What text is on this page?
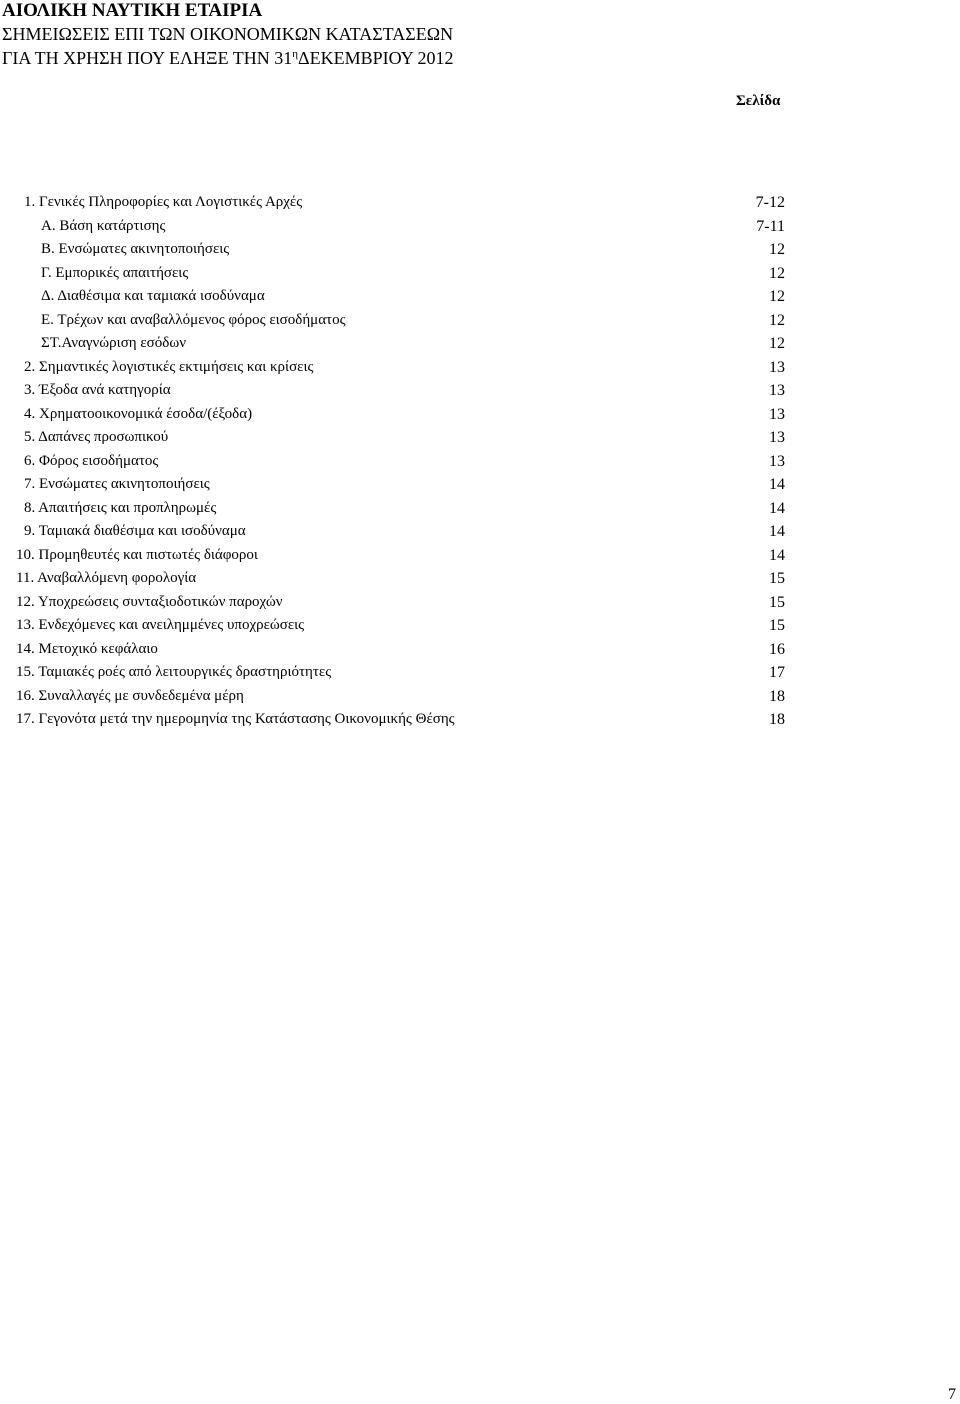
ΑΙΟΛΙΚΗ ΝΑΥΤΙΚΗ ΕΤΑΙΡΙΑ
ΣΗΜΕΙΩΣΕΙΣ ΕΠΙ ΤΩΝ ΟΙΚΟΝΟΜΙΚΩΝ ΚΑΤΑΣΤΑΣΕΩΝ
ΓΙΑ ΤΗ ΧΡΗΣΗ ΠΟΥ ΕΛΗΞΕ ΤΗΝ $31^\eta\Delta EKEMBPIO\Upsilon$ 2012
Σελίδα
1. Γενικές Πληροφορίες και Λογιστικές Αρχές	7-12
Α. Βάση κατάρτισης	7-11
Β. Ενσώματες ακινητοποιήσεις	12
Γ. Εμπορικές απαιτήσεις	12
Δ. Διαθέσιμα και ταμιακά ισοδύναμα	12
Ε. Τρέχων και αναβαλλόμενος φόρος εισοδήματος	12
ΣΤ.Αναγνώριση εσόδων	12
2. Σημαντικές λογιστικές εκτιμήσεις και κρίσεις	13
3. Έξοδα ανά κατηγορία	13
4. Χρηματοοικονομικά έσοδα/(έξοδα)	13
5. Δαπάνες προσωπικού	13
6. Φόρος εισοδήματος	13
7. Ενσώματες ακινητοποιήσεις	14
8. Απαιτήσεις και προπληρωμές	14
9. Ταμιακά διαθέσιμα και ισοδύναμα	14
10. Προμηθευτές και πιστωτές διάφοροι	14
11. Αναβαλλόμενη φορολογία	15
12. Υποχρεώσεις συνταξιοδοτικών παροχών	15
13. Ενδεχόμενες και ανειλημμένες υποχρεώσεις	15
14. Μετοχικό κεφάλαιο	16
15. Ταμιακές ροές από λειτουργικές δραστηριότητες	17
16. Συναλλαγές με συνδεδεμένα μέρη	18
17. Γεγονότα μετά την ημερομηνία της Κατάστασης Οικονομικής Θέσης	18
7
